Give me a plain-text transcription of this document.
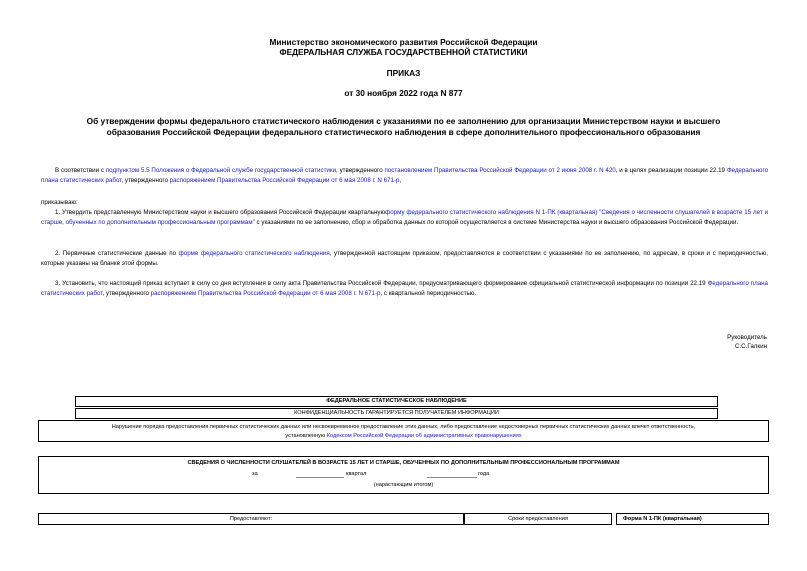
Министерство экономического развития Российской Федерации
ФЕДЕРАЛЬНАЯ СЛУЖБА ГОСУДАРСТВЕННОЙ СТАТИСТИКИ
ПРИКАЗ
от 30 ноября 2022 года N 877
Об утверждении формы федерального статистического наблюдения с указаниями по ее заполнению для организации Министерством науки и высшего образования Российской Федерации федерального статистического наблюдения в сфере дополнительного профессионального образования
В соответствии с подпунктом 5.5 Положения о Федеральной службе государственной статистики, утвержденного постановлением Правительства Российской Федерации от 2 июня 2008 г. N 420, и в целях реализации позиции 22.19 Федерального плана статистических работ, утвержденного распоряжением Правительства Российской Федерации от 6 мая 2008 г. N 671-р,
приказываю:
1. Утвердить представленную Министерством науки и высшего образования Российской Федерации квартальнуюформу федерального статистического наблюдения N 1-ПК (квартальная) "Сведения о численности слушателей в возрасте 15 лет и старше, обученных по дополнительным профессиональным программам" с указаниями по ее заполнению, сбор и обработка данных по которой осуществляется в системе Министерства науки и высшего образования Российской Федерации.
2. Первичные статистические данные по форме федерального статистического наблюдения, утвержденной настоящим приказом, предоставляются в соответствии с указаниями по ее заполнению, по адресам, в сроки и с периодичностью, которые указаны на бланке этой формы.
3. Установить, что настоящий приказ вступает в силу со дня вступления в силу акта Правительства Российской Федерации, предусматривающего формирование официальной статистической информации по позиции 22.19 Федерального плана статистических работ, утвержденного распоряжением Правительства Российской Федерации от 6 мая 2008 г. N 671-р, с квартальной периодичностью.
Руководитель
С.С.Галкин
ФЕДЕРАЛЬНОЕ СТАТИСТИЧЕСКОЕ НАБЛЮДЕНИЕ
КОНФИДЕНЦИАЛЬНОСТЬ ГАРАНТИРУЕТСЯ ПОЛУЧАТЕЛЕМ ИНФОРМАЦИИ
Нарушение порядка предоставления первичных статистических данных или несвоевременное предоставление этих данных, либо предоставление недостоверных первичных статистических данных влечет ответственность,
установленную Кодексом Российской Федерации об административных правонарушениях
СВЕДЕНИЯ О ЧИСЛЕННОСТИ СЛУШАТЕЛЕЙ В ВОЗРАСТЕ 15 ЛЕТ И СТАРШЕ, ОБУЧЕННЫХ ПО ДОПОЛНИТЕЛЬНЫМ ПРОФЕССИОНАЛЬНЫМ ПРОГРАММАМ
за	квартал	года
(нарастающим итогом)
Предоставляют:	Сроки предоставления	Форма N 1-ПК (квартальная)
